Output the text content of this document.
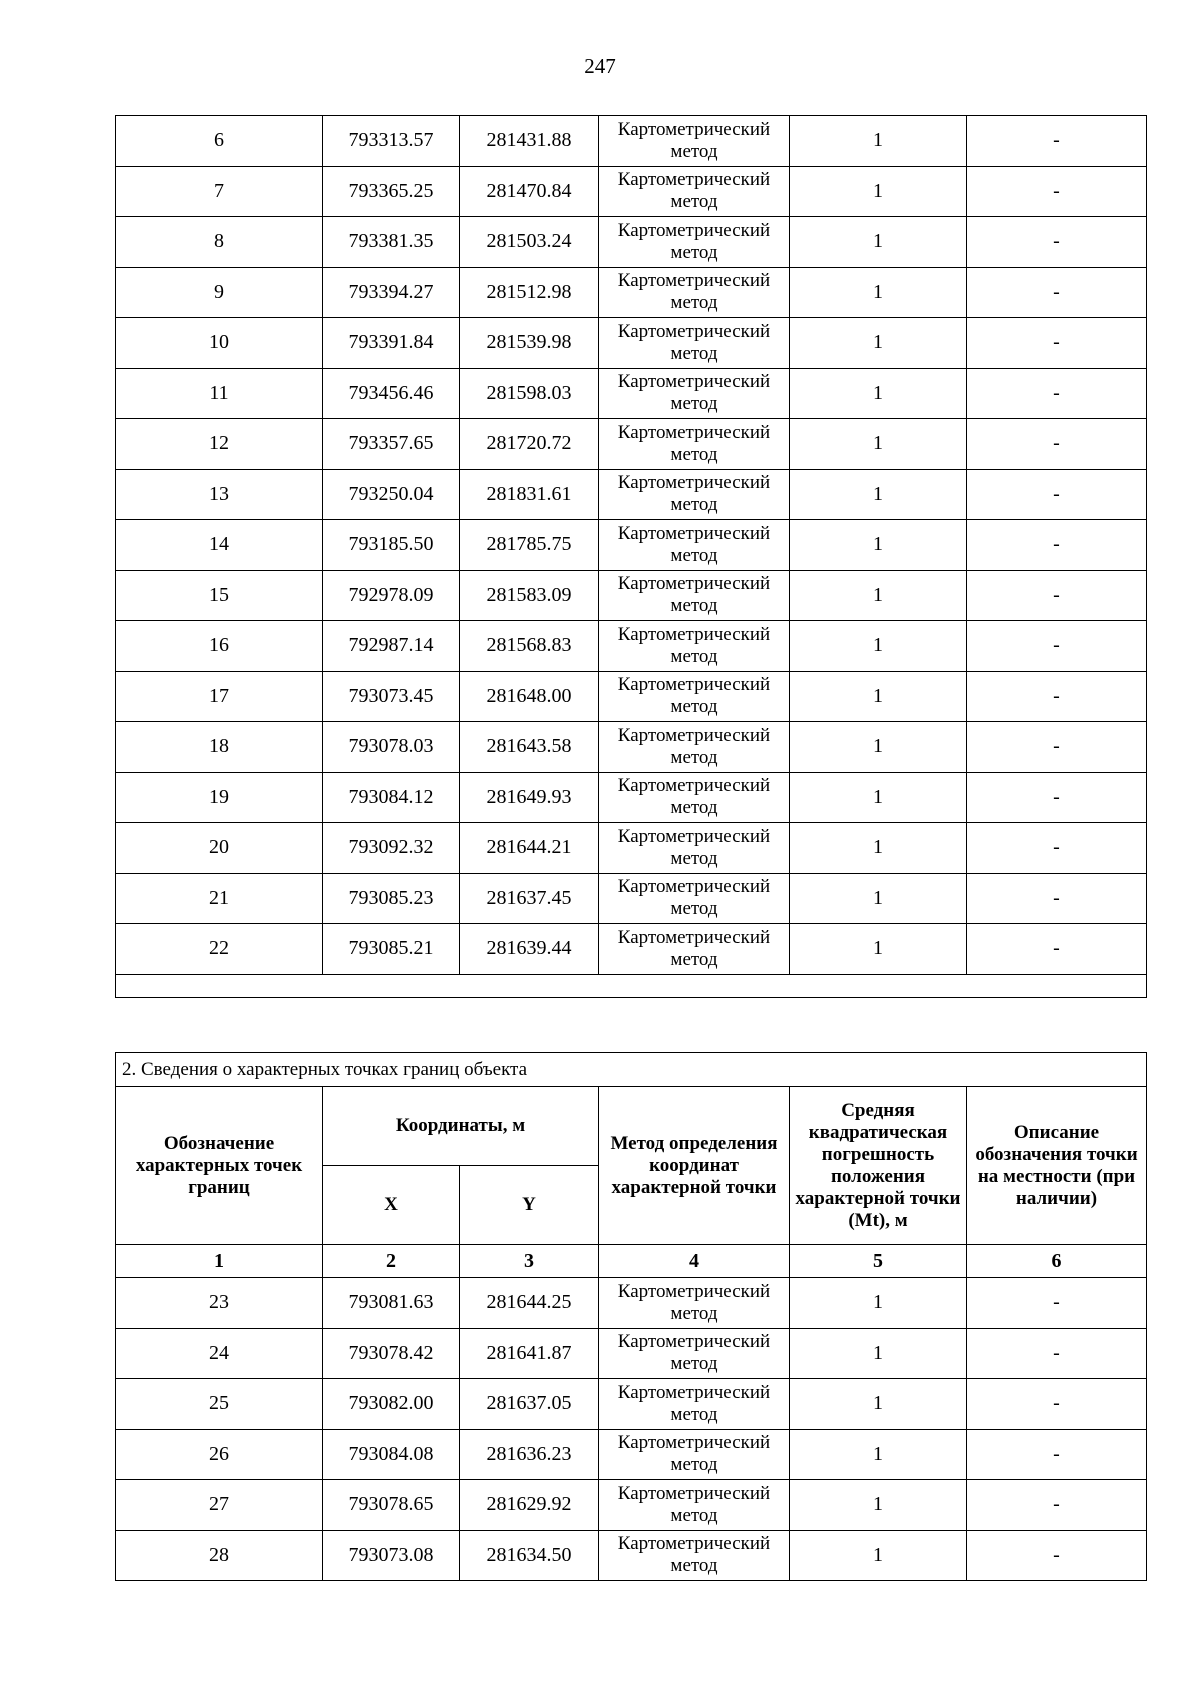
247
6	793313.57	281431.88	Картометрический метод	1	-
7	793365.25	281470.84	Картометрический метод	1	-
8	793381.35	281503.24	Картометрический метод	1	-
9	793394.27	281512.98	Картометрический метод	1	-
10	793391.84	281539.98	Картометрический метод	1	-
11	793456.46	281598.03	Картометрический метод	1	-
12	793357.65	281720.72	Картометрический метод	1	-
13	793250.04	281831.61	Картометрический метод	1	-
14	793185.50	281785.75	Картометрический метод	1	-
15	792978.09	281583.09	Картометрический метод	1	-
16	792987.14	281568.83	Картометрический метод	1	-
17	793073.45	281648.00	Картометрический метод	1	-
18	793078.03	281643.58	Картометрический метод	1	-
19	793084.12	281649.93	Картометрический метод	1	-
20	793092.32	281644.21	Картометрический метод	1	-
21	793085.23	281637.45	Картометрический метод	1	-
22	793085.21	281639.44	Картометрический метод	1	-

2. Сведения о характерных точках границ объекта					
Обозначение характерных точек границ	Координаты, м		Метод определения координат характерной точки	Средняя квадратическая погрешность положения характерной точки (Mt), м	Описание обозначения точки на местности (при наличии)
	X	Y			
1	2	3	4	5	6
23	793081.63	281644.25	Картометрический метод	1	-
24	793078.42	281641.87	Картометрический метод	1	-
25	793082.00	281637.05	Картометрический метод	1	-
26	793084.08	281636.23	Картометрический метод	1	-
27	793078.65	281629.92	Картометрический метод	1	-
28	793073.08	281634.50	Картометрический метод	1	-
